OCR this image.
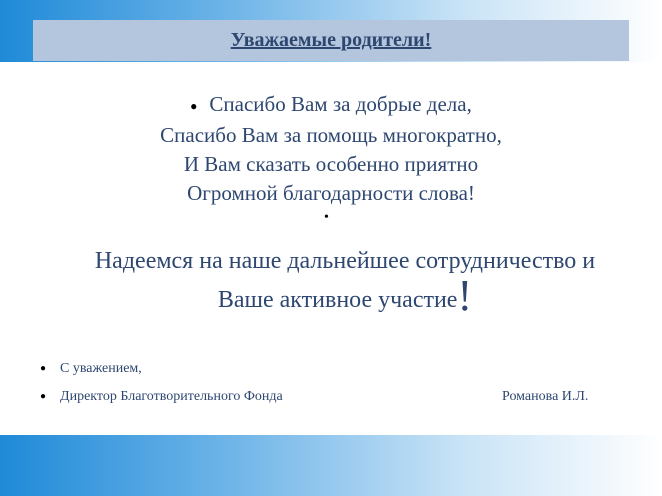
Уважаемые родители!
● Спасибо Вам за добрые дела,
Спасибо Вам за помощь многократно,
И Вам сказать особенно приятно
Огромной благодарности слова!
•
Надеемся на наше дальнейшее сотрудничество и
Ваше активное участие!
● С уважением,
● Директор Благотворительного Фонда	Романова И.Л.
